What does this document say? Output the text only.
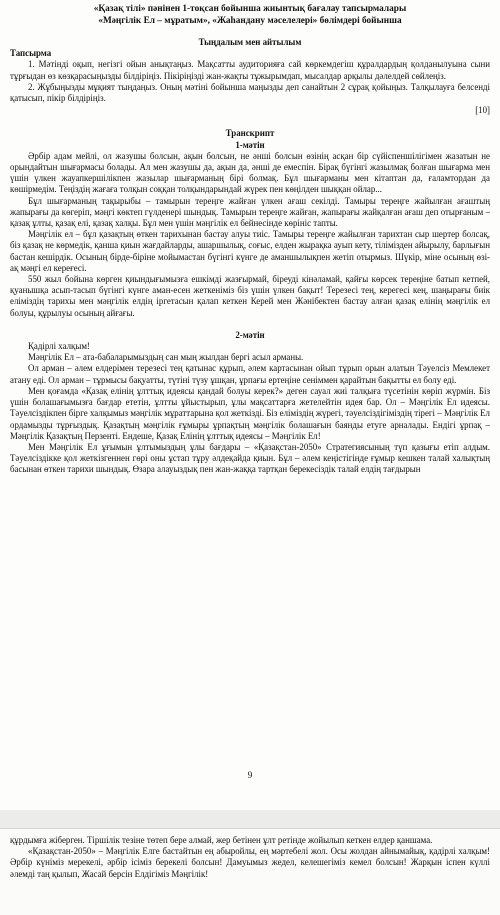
«Қазақ тілі» пәнінен 1-тоқсан бойынша жиынтық бағалау тапсырмалары
«Мәңгілік Ел – мұратым», «Жаһандану мәселелері» бөлімдері бойынша
Тыңдалым мен айтылым
Тапсырма

1. Мәтінді оқып, негізгі ойын анықтаңыз. Мақсатты аудиторияға сай көркемдегіш құралдардың қолданылуына сыни тұрғыдан өз көзқарасыңызды білдіріңіз. Пікіріңізді жан-жақты тұжырымдап, мысалдар арқылы дәлелдей сөйлеңіз.

2. Жұбыңызды мұқият тыңдаңыз. Оның мәтіні бойынша маңызды деп санайтын 2 сұрақ қойыңыз. Талқылауға белсенді қатысып, пікір білдіріңіз.

[10]
Транскрипт
1-мәтін

Әрбір адам мейлі, ол жазушы болсын, ақын болсын, не әнші болсын өзінің асқан бір сүйіспеншілігімен жазатын не орындайтын шығармасы болады. Ал мен жазушы да, ақын да, әнші де емеспін. Бірақ бүгінгі жазылмақ болған шығарма мен үшін үлкен жауапкершілікпен жазылар шығарманың бірі болмақ. Бұл шығарманы мен кітаптан да, ғаламтордан да көшірмедім. Теңіздің жағаға толқын соққан толқындарындай жүрек пен көңілден шыққан ойлар...

Бұл шығарманың тақырыбы – тамырын тереңге жайған үлкен ағаш секілді. Тамыры тереңге жайылған ағаштың жапырағы да көгеріп, мәңгі көктеп гүлденері шындық. Тамырын тереңге жайған, жапырағы жайқалған ағаш деп отырғаным – қазақ ұлты, қазақ елі, қазақ халқы. Бұл мен үшін мәңгілік ел бейнесінде көрініс тапты.

Мәңгілік ел – бұл қазақтың өткен тарихынан бастау алуы тиіс. Тамыры тереңге жайылған тарихтан сыр шертер болсақ, біз қазақ не көрмедік, қанша қиын жағдайларды, ашаршылық, соғыс, елден жырақка ауып кету, тілімізден айырылу, барлығын бастан кешірдік. Осының бірде-біріне мойымастан бүгінгі күнге де аманшылықпен жетіп отырмыз. Шүкір, міне осының өзі-ақ мәңгі ел кереғесі.

550 жыл бойына көрген қиындығымызға ешкімді жазғырмай, біреуді кінәламай, қайғы көрсек тереңіне батып кетпей, қуанышқа асып-тасып бүгінгі күнге аман-есен жеткеніміз біз үшін үлкен бақыт! Терезесі тең, керегесі кең, шаңырағы биік еліміздің тарихы мен мәңгілік елдің іргетасын қалап кеткен Керей мен Жәнібектен бастау алған қазақ елінің мәңгілік ел болуы, құрылуы осының айғағы.

2-мәтін

Қадірлі халқым!

Мәңгілік Ел – ата-бабаларымыздың сан мың жылдан бергі асыл арманы.

Ол арман – әлем елдерімен терезесі тең қатынас құрып, әлем картасынан ойып тұрып орын алатын Тәуелсіз Мемлекет атану еді. Ол арман – тұрмысы бақуатты, түтіні түзу ұшқан, ұрпағы ертеңіне сеніммен қарайтын бақытты ел болу еді.

Мен қоғамда «Қазақ елінің ұлттық идеясы қандай болуы керек?» деген сауал жиі талқыға түсетінін көріп жүрмін. Біз үшін болашағымызға бағдар ететін, ұлтты ұйыстырып, ұлы мақсаттарға жетелейтін идея бар. Ол – Мәңгілік Ел идеясы. Тәуелсіздікпен бірге халқымыз мәңгілік мұраттарына қол жеткізді. Біз еліміздің жүрегі, тәуелсіздігіміздің тірегі – Мәңгілік Ел ордамызды тұрғыздық. Қазақтың мәңгілік ғұмыры ұрпақтың мәңгілік болашағын баянды етуге арналады. Ендігі ұрпақ – Мәңгілік Қазақтың Перзенті. Ендеше, Қазақ Елінің ұлттық идеясы – Мәңгілік Ел!

Мен Мәңгілік Ел ұғымын ұлтымыздың ұлы бағдары – «Қазақстан-2050» Стратегиясының түп қазығы етіп алдым. Тәуелсіздікке қол жеткізгеннен гөрі оны ұстап тұру әлдеқайда қиын. Бұл – әлем кеңістігінде ғұмыр кешкен талай халықтың басынан өткен тарихи шындық. Өзара алауыздық пен жан-жаққа тартқан берекесіздік талай елдің тағдырын

9

құрдымға жіберген. Тіршілік тезіне төтеп бере алмай, жер бетінен ұлт ретінде жойылып кеткен елдер қаншама.

«Қазақстан-2050» – Мәңгілік Елге бастайтын ең абыройлы, ең мәртебелі жол. Осы жолдан айнымайық, қадірлі халқым! Әрбір күніміз мерекелі, әрбір ісіміз берекелі болсын! Дамуымыз жедел, келешегіміз кемел болсын! Жарқын іспен күллі әлемді таң қылып, Жасай берсін Елдігіміз Мәңгілік!
